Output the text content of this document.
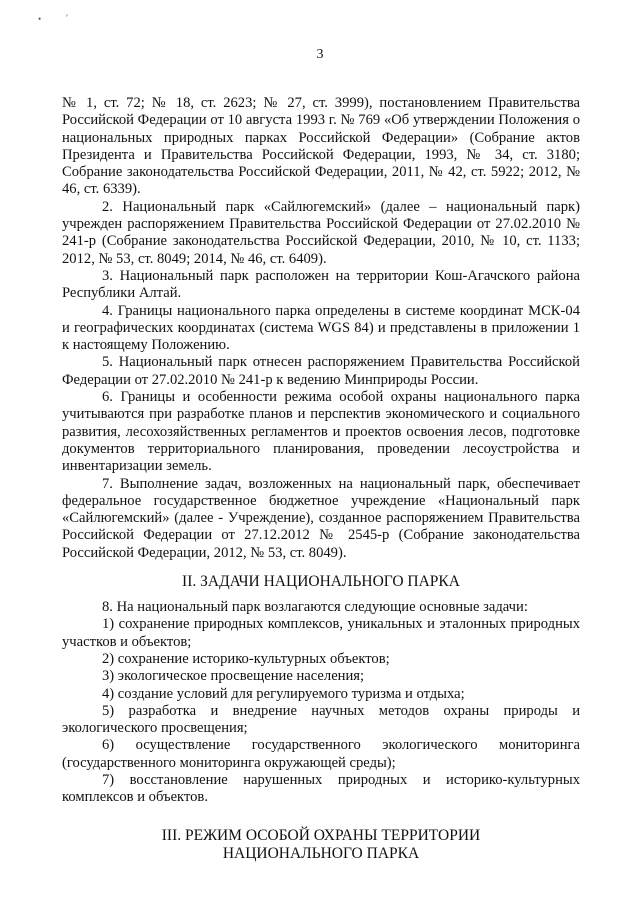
•	′
3

№ 1, ст. 72; № 18, ст. 2623; № 27, ст. 3999), постановлением Правительства Российской Федерации от 10 августа 1993 г. № 769 «Об утверждении Положения о национальных природных парках Российской Федерации» (Собрание актов Президента и Правительства Российской Федерации, 1993, № 34, ст. 3180; Собрание законодательства Российской Федерации, 2011, № 42, ст. 5922; 2012, № 46, ст. 6339).

2. Национальный парк «Сайлюгемский» (далее – национальный парк) учрежден распоряжением Правительства Российской Федерации от 27.02.2010 № 241-р (Собрание законодательства Российской Федерации, 2010, № 10, ст. 1133; 2012, № 53, ст. 8049; 2014, № 46, ст. 6409).

3. Национальный парк расположен на территории Кош-Агачского района Республики Алтай.

4. Границы национального парка определены в системе координат МСК-04 и географических координатах (система WGS 84) и представлены в приложении 1 к настоящему Положению.

5. Национальный парк отнесен распоряжением Правительства Российской Федерации от 27.02.2010 № 241-р к ведению Минприроды России.

6. Границы и особенности режима особой охраны национального парка учитываются при разработке планов и перспектив экономического и социального развития, лесохозяйственных регламентов и проектов освоения лесов, подготовке документов территориального планирования, проведении лесоустройства и инвентаризации земель.

7. Выполнение задач, возложенных на национальный парк, обеспечивает федеральное государственное бюджетное учреждение «Национальный парк «Сайлюгемский» (далее - Учреждение), созданное распоряжением Правительства Российской Федерации от 27.12.2012 № 2545-р (Собрание законодательства Российской Федерации, 2012, № 53, ст. 8049).

II. ЗАДАЧИ НАЦИОНАЛЬНОГО ПАРКА

8. На национальный парк возлагаются следующие основные задачи:

1) сохранение природных комплексов, уникальных и эталонных природных участков и объектов;

2) сохранение историко-культурных объектов;

3) экологическое просвещение населения;

4) создание условий для регулируемого туризма и отдыха;

5) разработка и внедрение научных методов охраны природы и экологического просвещения;

6) осуществление государственного экологического мониторинга (государственного мониторинга окружающей среды);

7) восстановление нарушенных природных и историко-культурных комплексов и объектов.

III. РЕЖИМ ОСОБОЙ ОХРАНЫ ТЕРРИТОРИИ
НАЦИОНАЛЬНОГО ПАРКА
